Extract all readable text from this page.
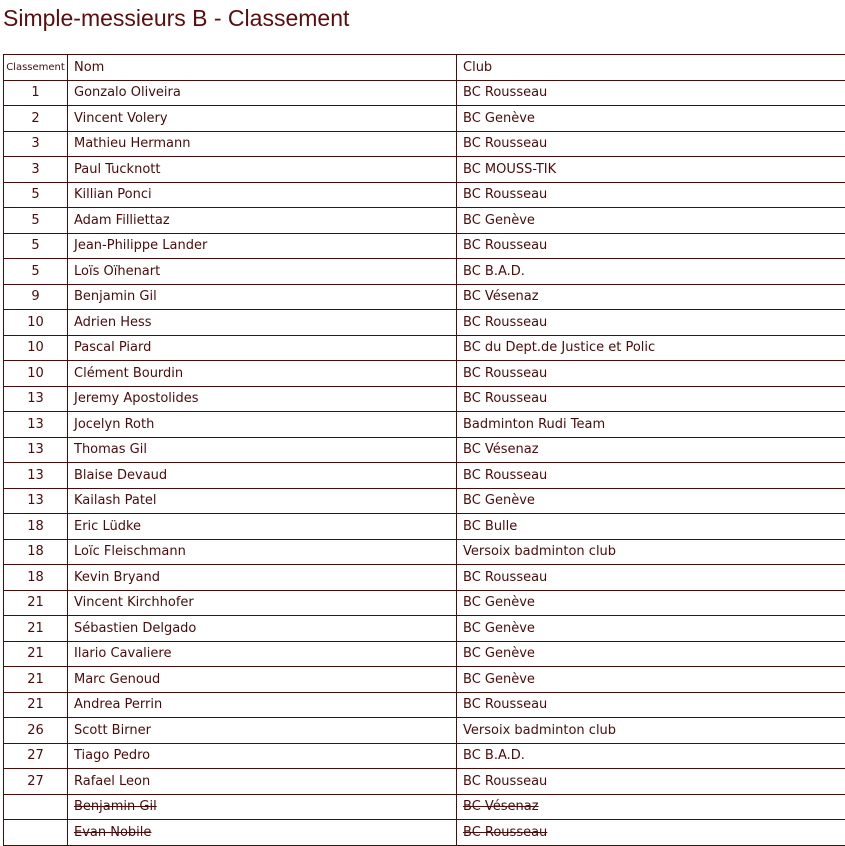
Simple-messieurs B - Classement
Classement	Nom	Club
1	Gonzalo Oliveira	BC Rousseau
2	Vincent Volery	BC Genève
3	Mathieu Hermann	BC Rousseau
3	Paul Tucknott	BC MOUSS-TIK
5	Killian Ponci	BC Rousseau
5	Adam Filliettaz	BC Genève
5	Jean-Philippe Lander	BC Rousseau
5	Loïs Oïhenart	BC B.A.D.
9	Benjamin Gil	BC Vésenaz
10	Adrien Hess	BC Rousseau
10	Pascal Piard	BC du Dept.de Justice et Polic
10	Clément Bourdin	BC Rousseau
13	Jeremy Apostolides	BC Rousseau
13	Jocelyn Roth	Badminton Rudi Team
13	Thomas Gil	BC Vésenaz
13	Blaise Devaud	BC Rousseau
13	Kailash Patel	BC Genève
18	Eric Lüdke	BC Bulle
18	Loïc Fleischmann	Versoix badminton club
18	Kevin Bryand	BC Rousseau
21	Vincent Kirchhofer	BC Genève
21	Sébastien Delgado	BC Genève
21	Ilario Cavaliere	BC Genève
21	Marc Genoud	BC Genève
21	Andrea Perrin	BC Rousseau
26	Scott Birner	Versoix badminton club
27	Tiago Pedro	BC B.A.D.
27	Rafael Leon	BC Rousseau
	Benjamin Gil	BC Vésenaz
	Evan Nobile	BC Rousseau
